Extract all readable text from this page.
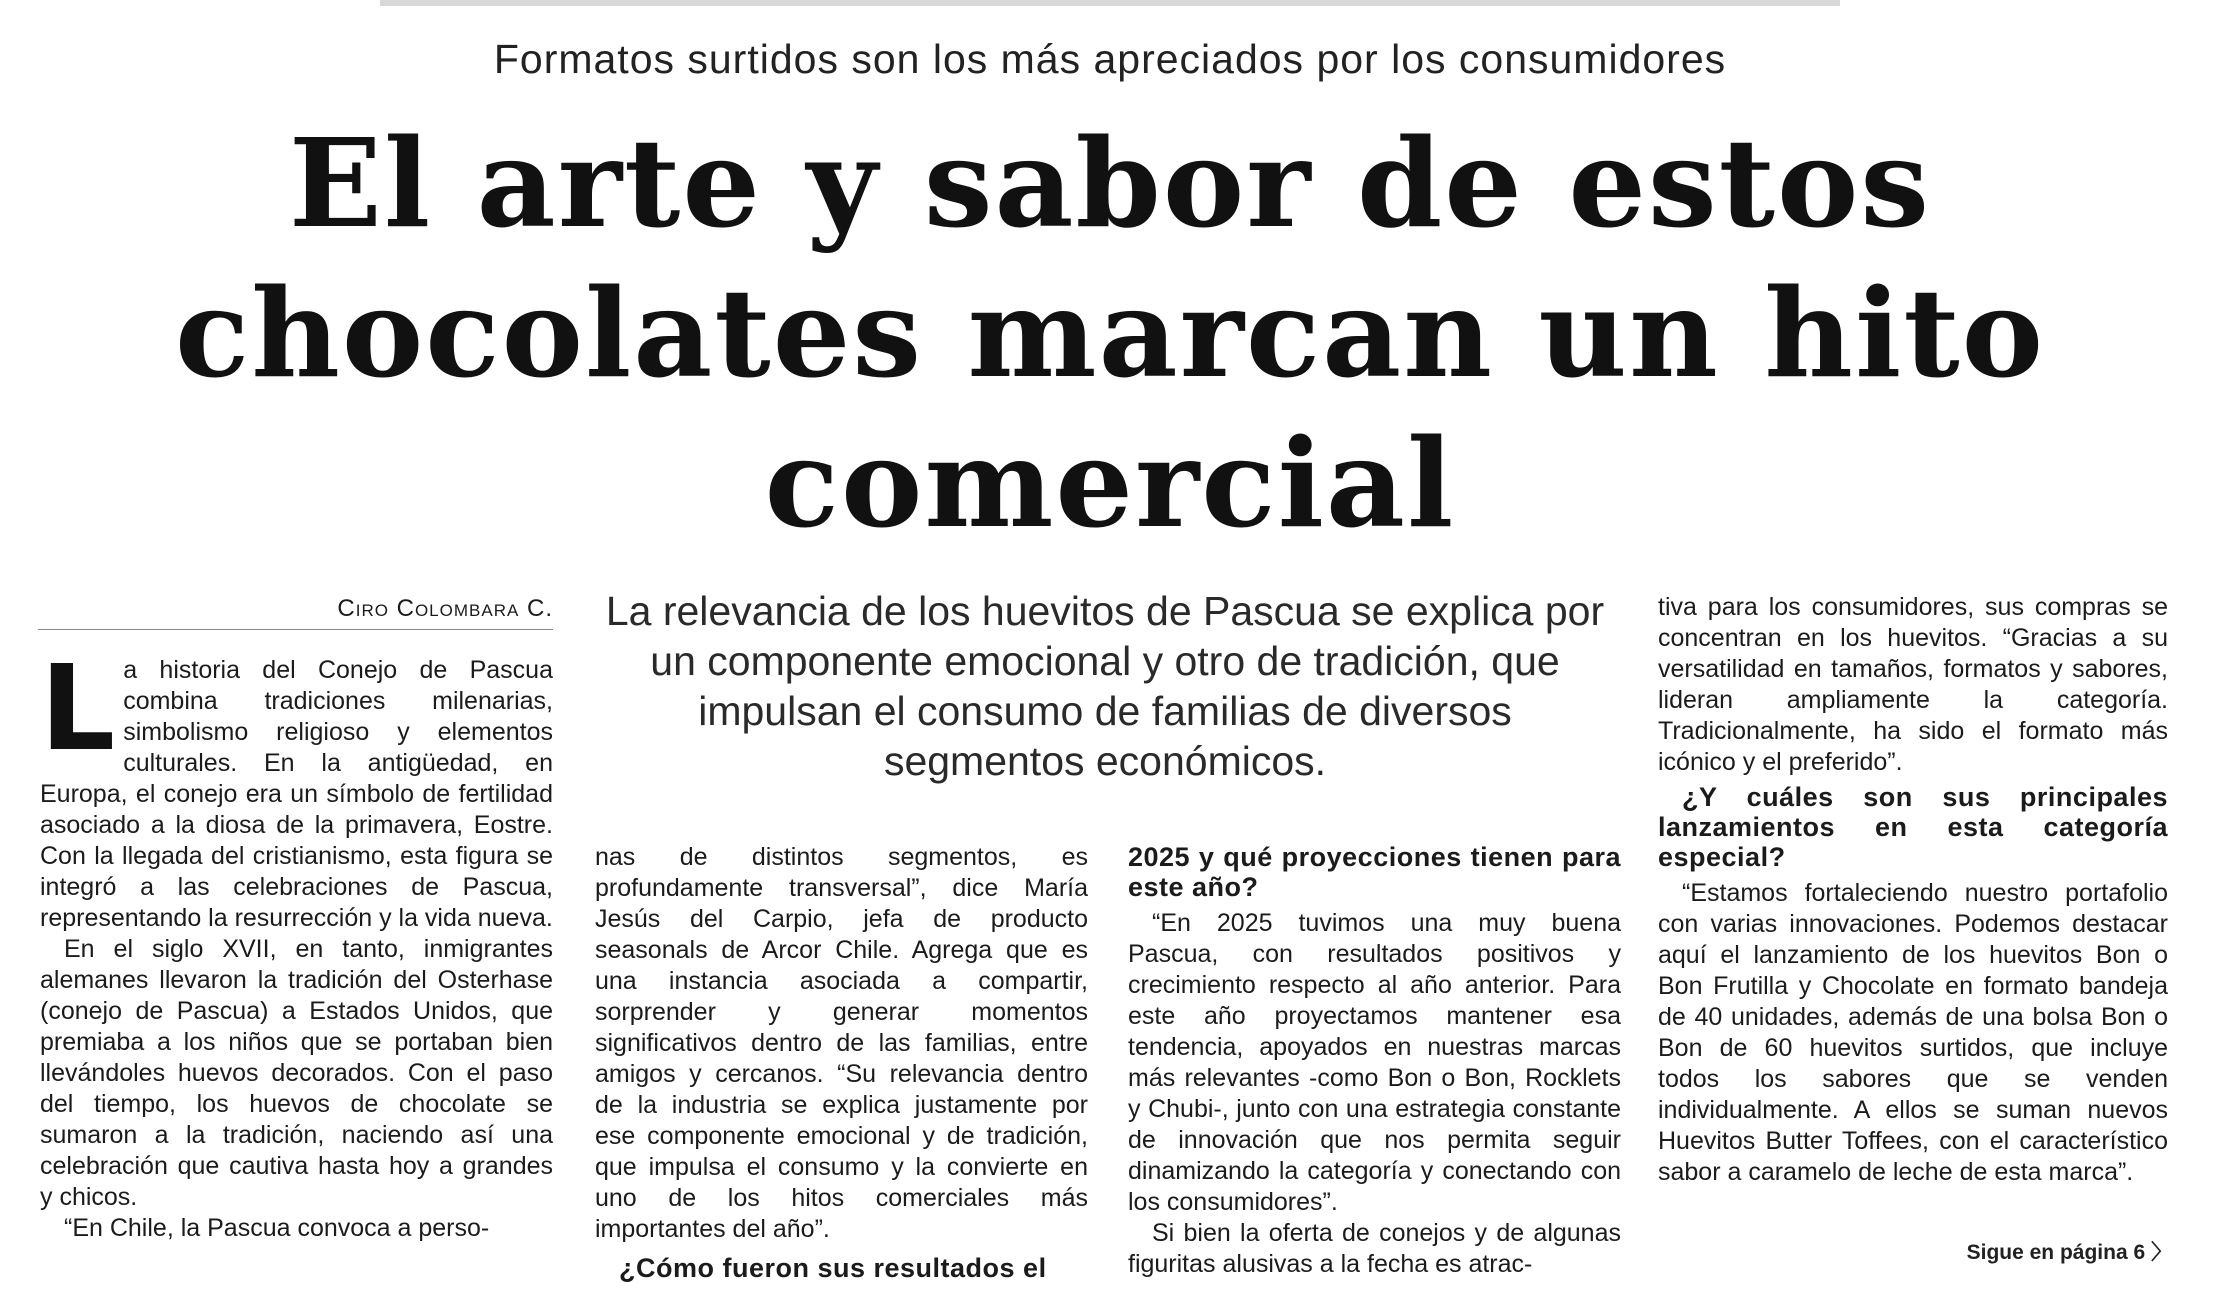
Formatos surtidos son los más apreciados por los consumidores
El arte y sabor de estos chocolates marcan un hito comercial
Ciro Colombara C. La relevancia de los huevitos de Pascua se explica por un componente emocional y otro de tradición, que impulsan el consumo de familias de diversos segmentos económicos.

La historia del Conejo de Pascua combina tradiciones milenarias, simbolismo religioso y elementos culturales. En la antigüedad, en Europa, el conejo era un símbolo de fertilidad asociado a la diosa de la primavera, Eostre. Con la llegada del cristianismo, esta figura se integró a las celebraciones de Pascua, representando la resurrección y la vida nueva.

En el siglo XVII, en tanto, inmigrantes alemanes llevaron la tradición del Osterhase (conejo de Pascua) a Estados Unidos, que premiaba a los niños que se portaban bien llevándoles huevos decorados. Con el paso del tiempo, los huevos de chocolate se sumaron a la tradición, naciendo así una celebración que cautiva hasta hoy a grandes y chicos.

“En Chile, la Pascua convoca a perso-

nas de distintos segmentos, es profundamente transversal”, dice María Jesús del Carpio, jefa de producto seasonals de Arcor Chile. Agrega que es una instancia asociada a compartir, sorprender y generar momentos significativos dentro de las familias, entre amigos y cercanos. “Su relevancia dentro de la industria se explica justamente por ese componente emocional y de tradición, que impulsa el consumo y la convierte en uno de los hitos comerciales más importantes del año”.

¿Cómo fueron sus resultados el

2025 y qué proyecciones tienen para este año?

“En 2025 tuvimos una muy buena Pascua, con resultados positivos y crecimiento respecto al año anterior. Para este año proyectamos mantener esa tendencia, apoyados en nuestras marcas más relevantes -como Bon o Bon, Rocklets y Chubi-, junto con una estrategia constante de innovación que nos permita seguir dinamizando la categoría y conectando con los consumidores”.

Si bien la oferta de conejos y de algunas figuritas alusivas a la fecha es atrac-

tiva para los consumidores, sus compras se concentran en los huevitos. “Gracias a su versatilidad en tamaños, formatos y sabores, lideran ampliamente la categoría. Tradicionalmente, ha sido el formato más icónico y el preferido”.

¿Y cuáles son sus principales lanzamientos en esta categoría especial?

“Estamos fortaleciendo nuestro portafolio con varias innovaciones. Podemos destacar aquí el lanzamiento de los huevitos Bon o Bon Frutilla y Chocolate en formato bandeja de 40 unidades, además de una bolsa Bon o Bon de 60 huevitos surtidos, que incluye todos los sabores que se venden individualmente. A ellos se suman nuevos Huevitos Butter Toffees, con el característico sabor a caramelo de leche de esta marca”.

Sigue en página 6 〉
